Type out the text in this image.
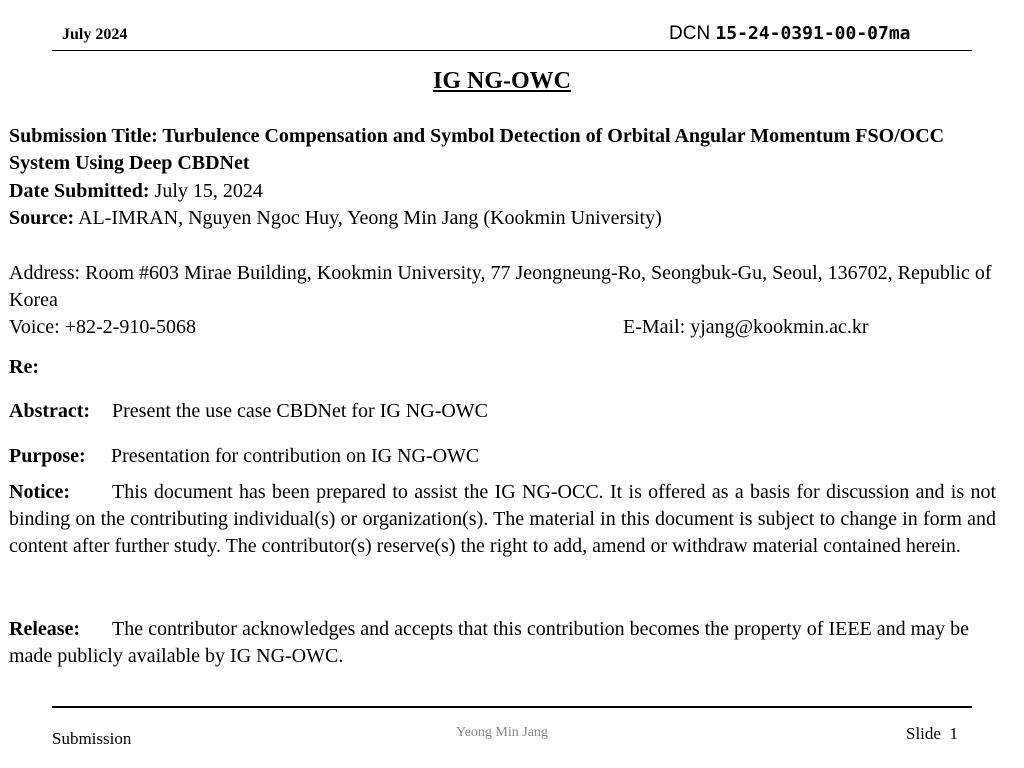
July 2024	DCN 15-24-0391-00-07ma
IG NG-OWC
Submission Title: Turbulence Compensation and Symbol Detection of Orbital Angular Momentum FSO/OCC System Using Deep CBDNet
Date Submitted: July 15, 2024
Source: AL-IMRAN, Nguyen Ngoc Huy, Yeong Min Jang (Kookmin University)
Address: Room #603 Mirae Building, Kookmin University, 77 Jeongneung-Ro, Seongbuk-Gu, Seoul, 136702, Republic of Korea
Voice: +82-2-910-5068	E-Mail: yjang@kookmin.ac.kr
Re:
Abstract: Present the use case CBDNet for IG NG-OWC
Purpose: Presentation for contribution on IG NG-OWC
Notice: This document has been prepared to assist the IG NG-OCC. It is offered as a basis for discussion and is not binding on the contributing individual(s) or organization(s). The material in this document is subject to change in form and content after further study. The contributor(s) reserve(s) the right to add, amend or withdraw material contained herein.
Release: The contributor acknowledges and accepts that this contribution becomes the property of IEEE and may be made publicly available by IG NG-OWC.
Submission	Yeong Min Jang	Slide 1
